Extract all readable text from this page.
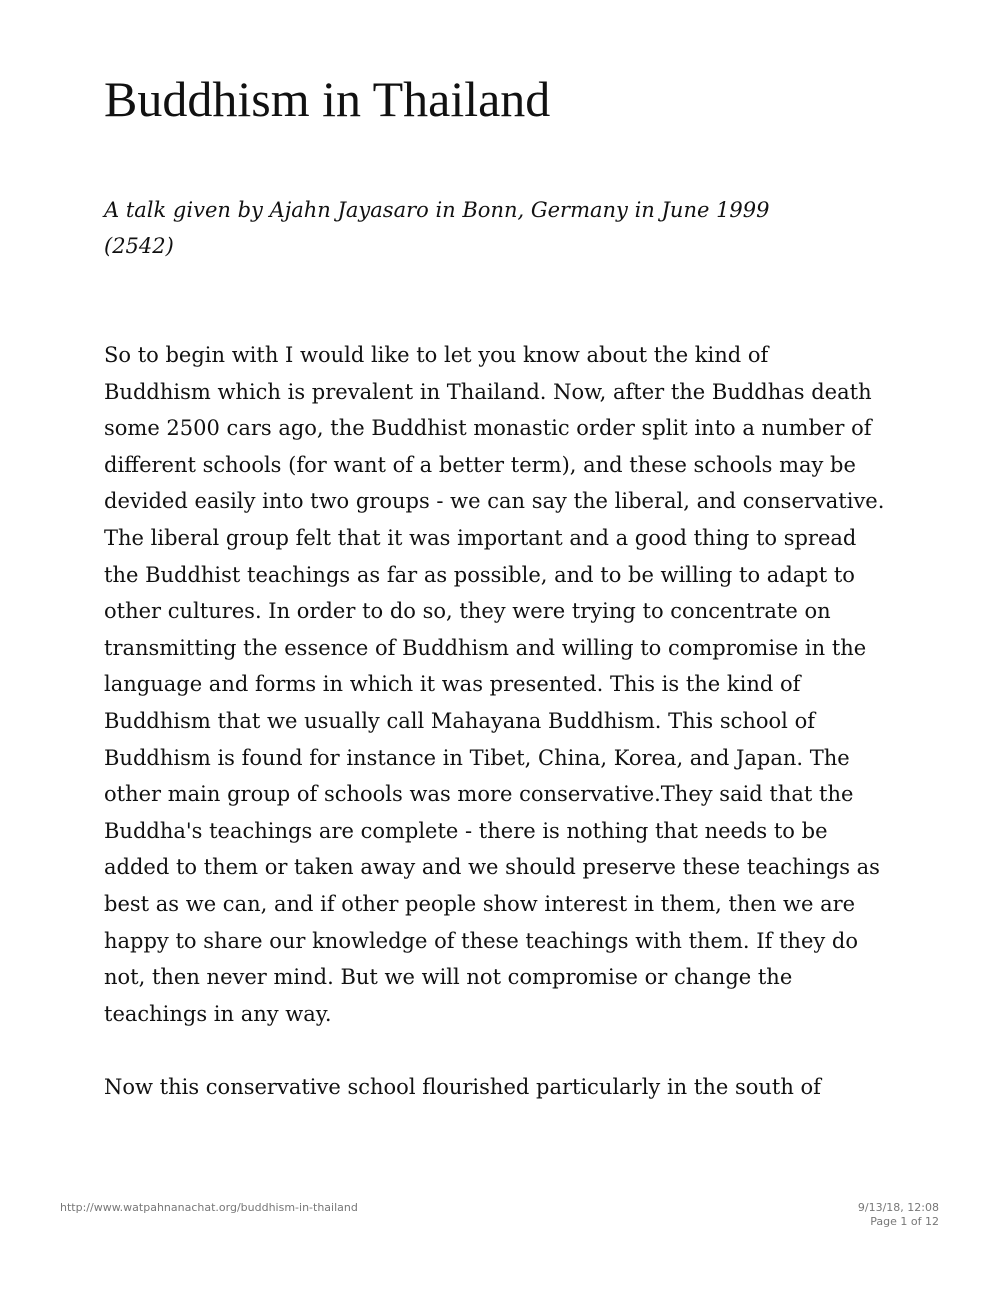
Buddhism in Thailand

A talk given by Ajahn Jayasaro in Bonn, Germany in June 1999
(2542)

So to begin with I would like to let you know about the kind of
Buddhism which is prevalent in Thailand. Now, after the Buddhas death
some 2500 cars ago, the Buddhist monastic order split into a number of
different schools (for want of a better term), and these schools may be
devided easily into two groups - we can say the liberal, and conservative.
The liberal group felt that it was important and a good thing to spread
the Buddhist teachings as far as possible, and to be willing to adapt to
other cultures. In order to do so, they were trying to concentrate on
transmitting the essence of Buddhism and willing to compromise in the
language and forms in which it was presented. This is the kind of
Buddhism that we usually call Mahayana Buddhism. This school of
Buddhism is found for instance in Tibet, China, Korea, and Japan. The
other main group of schools was more conservative.They said that the
Buddha's teachings are complete - there is nothing that needs to be
added to them or taken away and we should preserve these teachings as
best as we can, and if other people show interest in them, then we are
happy to share our knowledge of these teachings with them. If they do
not, then never mind. But we will not compromise or change the
teachings in any way.

Now this conservative school flourished particularly in the south of

http://www.watpahnanachat.org/buddhism-in-thailand	9/13/18, 12:08
Page 1 of 12
